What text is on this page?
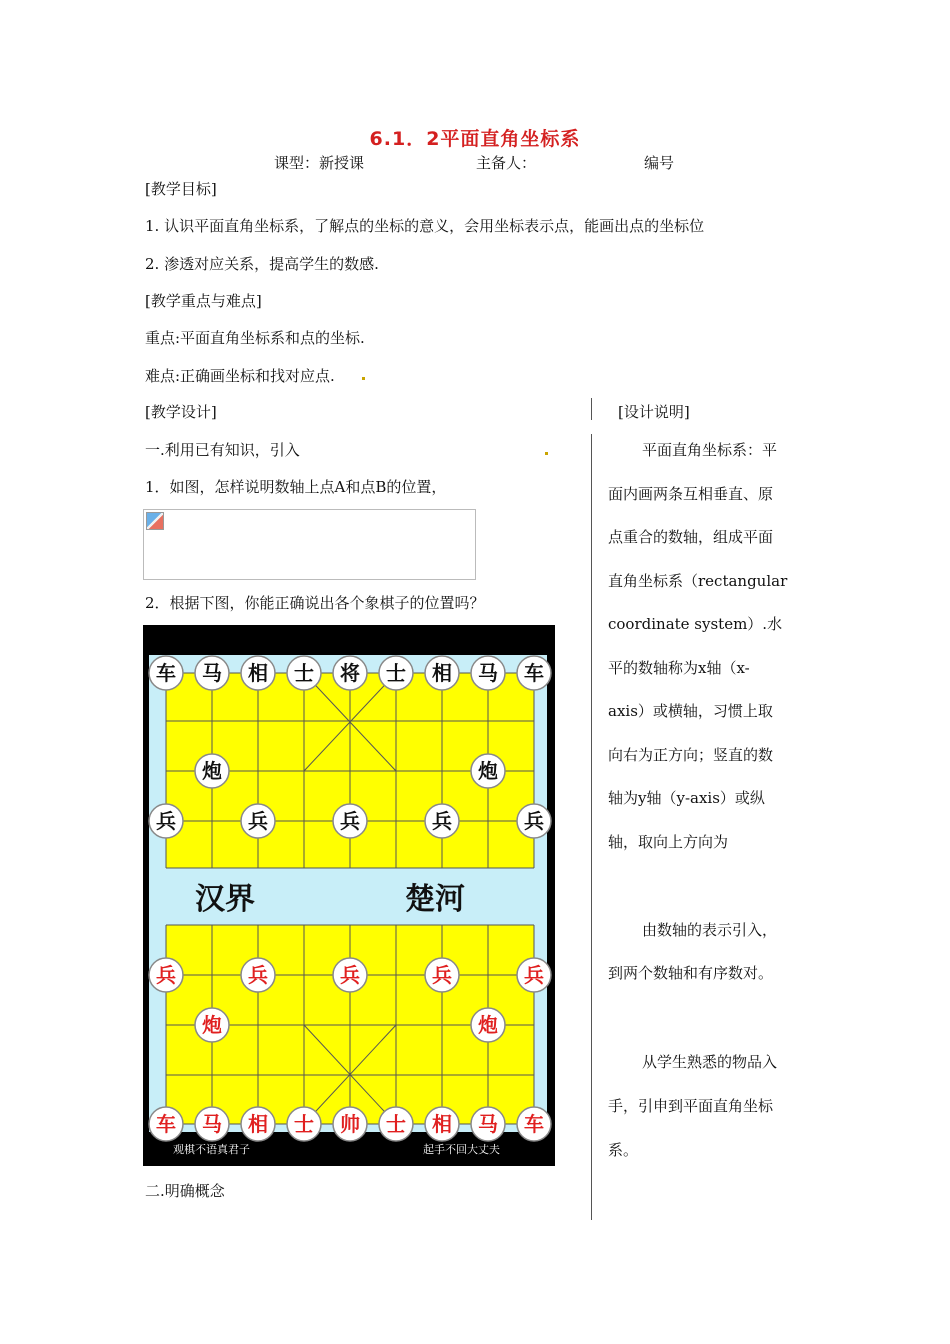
6.1．2平面直角坐标系
课型：新授课	主备人：	编号
[教学目标]
1. 认识平面直角坐标系，了解点的坐标的意义，会用坐标表示点，能画出点的坐标位
2. 渗透对应关系，提高学生的数感.
[教学重点与难点]
重点:平面直角坐标系和点的坐标.
难点:正确画坐标和找对应点.
[教学设计]	[设计说明]
一.利用已有知识，引入
1．如图，怎样说明数轴上点A和点B的位置，
2．根据下图，你能正确说出各个象棋子的位置吗？
汉界	楚河
车 马 相 士 将 士 相 马 车
炮	炮
兵	兵	兵	兵	兵
兵	兵	兵	兵	兵
炮	炮
车 马 相 士 帅 士 相 马 车
观棋不语真君子	起手不回大丈夫
二.明确概念
平面直角坐标系：平
面内画两条互相垂直、原
点重合的数轴，组成平面
直角坐标系（rectangular
coordinate system）.水
平的数轴称为x轴（x-
axis）或横轴，习惯上取
向右为正方向；竖直的数
轴为y轴（y-axis）或纵
轴，取向上方向为
由数轴的表示引入，
到两个数轴和有序数对。
从学生熟悉的物品入
手，引申到平面直角坐标
系。
